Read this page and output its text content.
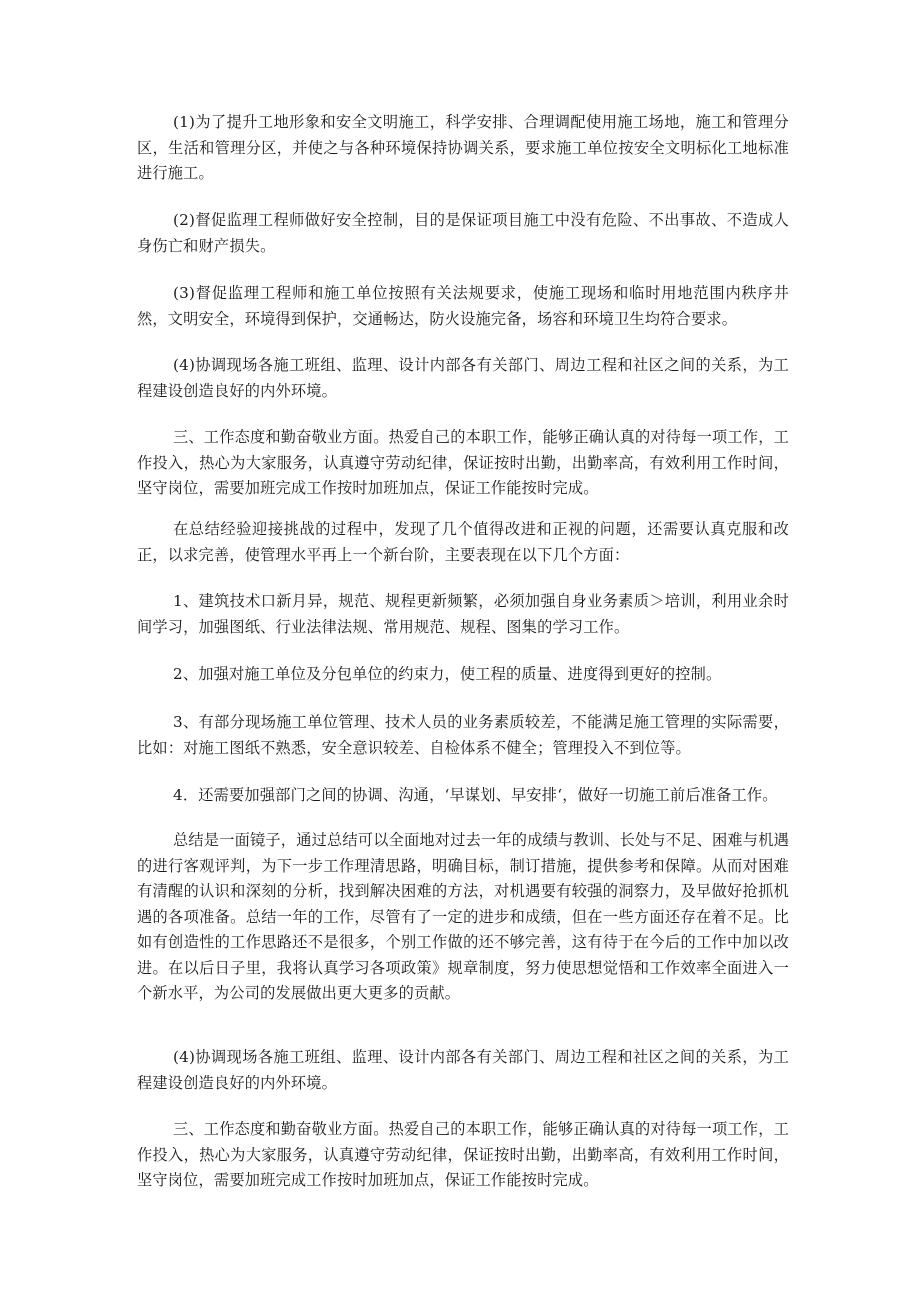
(1)为了提升工地形象和安全文明施工，科学安排、合理调配使用施工场地，施工和管理分区，生活和管理分区，并使之与各种环境保持协调关系，要求施工单位按安全文明标化工地标准进行施工。

(2)督促监理工程师做好安全控制，目的是保证项目施工中没有危险、不出事故、不造成人身伤亡和财产损失。

(3)督促监理工程师和施工单位按照有关法规要求，使施工现场和临时用地范围内秩序井然，文明安全，环境得到保护，交通畅达，防火设施完备，场容和环境卫生均符合要求。

(4)协调现场各施工班组、监理、设计内部各有关部门、周边工程和社区之间的关系，为工程建设创造良好的内外环境。

三、工作态度和勤奋敬业方面。热爱自己的本职工作，能够正确认真的对待每一项工作，工作投入，热心为大家服务，认真遵守劳动纪律，保证按时出勤，出勤率高，有效利用工作时间，坚守岗位，需要加班完成工作按时加班加点，保证工作能按时完成。

在总结经验迎接挑战的过程中，发现了几个值得改进和正视的问题，还需要认真克服和改正，以求完善，使管理水平再上一个新台阶，主要表现在以下几个方面：

1、建筑技术口新月异，规范、规程更新频繁，必须加强自身业务素质＞培训，利用业余时间学习，加强图纸、行业法律法规、常用规范、规程、图集的学习工作。

2、加强对施工单位及分包单位的约束力，使工程的质量、进度得到更好的控制。

3、有部分现场施工单位管理、技术人员的业务素质较差，不能满足施工管理的实际需要，比如：对施工图纸不熟悉，安全意识较差、自检体系不健全；管理投入不到位等。

4．还需要加强部门之间的协调、沟通，‘早谋划、早安排‘，做好一切施工前后准备工作。

总结是一面镜子，通过总结可以全面地对过去一年的成绩与教训、长处与不足、困难与机遇的进行客观评判，为下一步工作理清思路，明确目标，制订措施，提供参考和保障。从而对困难有清醒的认识和深刻的分析，找到解决困难的方法，对机遇要有较强的洞察力，及早做好抢抓机遇的各项准备。总结一年的工作，尽管有了一定的进步和成绩，但在一些方面还存在着不足。比如有创造性的工作思路还不是很多，个别工作做的还不够完善，这有待于在今后的工作中加以改进。在以后日子里，我将认真学习各项政策》规章制度，努力使思想觉悟和工作效率全面进入一个新水平，为公司的发展做出更大更多的贡献。

(4)协调现场各施工班组、监理、设计内部各有关部门、周边工程和社区之间的关系，为工程建设创造良好的内外环境。

三、工作态度和勤奋敬业方面。热爱自己的本职工作，能够正确认真的对待每一项工作，工作投入，热心为大家服务，认真遵守劳动纪律，保证按时出勤，出勤率高，有效利用工作时间，坚守岗位，需要加班完成工作按时加班加点，保证工作能按时完成。
